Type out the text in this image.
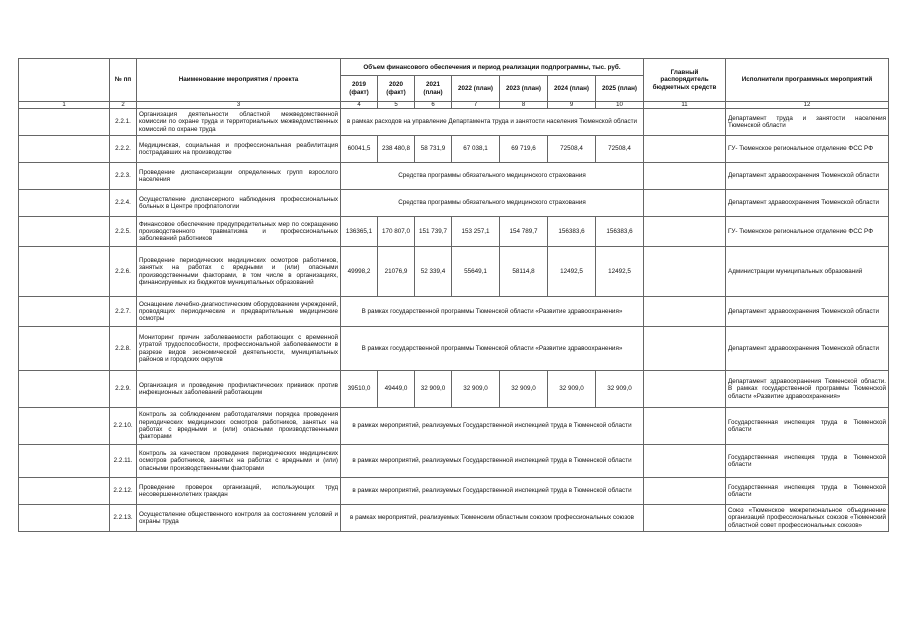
	№ пп	Наименование мероприятия / проекта	Объем финансового обеспечения и период реализации подпрограммы, тыс. руб.							Главный распорядитель бюджетных средств	Исполнители программных мероприятий
			2019 (факт)	2020 (факт)	2021 (план)	2022 (план)	2023 (план)	2024 (план)	2025 (план)		
1	2	3	4	5	6	7	8	9	10	11	12
	2.2.1.	Организация деятельности областной межведомственной комиссии по охране труда и территориальных межведомственных комиссий по охране труда	в рамках расходов на управление Департамента труда и занятости населения Тюменской области								Департамент труда и занятости населения Тюменской области
	2.2.2.	Медицинская, социальная и профессиональная реабилитация пострадавших на производстве	60041,5	238 480,8	58 731,9	67 038,1	69 719,6	72508,4	72508,4		ГУ- Тюменское региональное отделение ФСС РФ
	2.2.3.	Проведение диспансеризации определенных групп взрослого населения	Средства программы обязательного медицинского страхования								Департамент здравоохранения Тюменской области
	2.2.4.	Осуществление диспансерного наблюдения профессиональных больных в Центре профпатологии	Средства программы обязательного медицинского страхования								Департамент здравоохранения Тюменской области
	2.2.5.	Финансовое обеспечение предупредительных мер по сокращению производственного травматизма и профессиональных заболеваний работников	136365,1	170 807,0	151 739,7	153 257,1	154 789,7	156383,6	156383,6		ГУ- Тюменское региональное отделение ФСС РФ
	2.2.6.	Проведение периодических медицинских осмотров работников, занятых на работах с вредными и (или) опасными производственными факторами, в том числе в организациях, финансируемых из бюджетов муниципальных образований	49998,2	21076,9	52 339,4	55649,1	58114,8	12492,5	12492,5		Администрации муниципальных образований
	2.2.7.	Оснащение лечебно-диагностическим оборудованием учреждений, проводящих периодические и предварительные медицинские осмотры	В рамках государственной программы Тюменской области «Развитие здравоохранения»								Департамент здравоохранения Тюменской области
	2.2.8.	Мониторинг причин заболеваемости работающих с временной утратой трудоспособности, профессиональной заболеваемости в разрезе видов экономической деятельности, муниципальных районов и городских округов	В рамках государственной программы Тюменской области «Развитие здравоохранения»								Департамент здравоохранения Тюменской области
	2.2.9.	Организация и проведение профилактических прививок против инфекционных заболеваний работающим	39510,0	49449,0	32 909,0	32 909,0	32 909,0	32 909,0	32 909,0		Департамент здравоохранения Тюменской области. В рамках государственной программы Тюменской области «Развитие здравоохранения»
	2.2.10.	Контроль за соблюдением работодателями порядка проведения периодических медицинских осмотров работников, занятых на работах с вредными и (или) опасными производственными факторами	в рамках мероприятий, реализуемых Государственной инспекцией труда в Тюменской области								Государственная инспекция труда в Тюменской области
	2.2.11.	Контроль за качеством проведения периодических медицинских осмотров работников, занятых на работах с вредными и (или) опасными производственными факторами	в рамках мероприятий, реализуемых Государственной инспекцией труда в Тюменской области								Государственная инспекция труда в Тюменской области
	2.2.12.	Проведение проверок организаций, использующих труд несовершеннолетних граждан	в рамках мероприятий, реализуемых Государственной инспекцией труда в Тюменской области								Государственная инспекция труда в Тюменской области
	2.2.13.	Осуществление общественного контроля за состоянием условий и охраны труда	в рамках мероприятий, реализуемых Тюменским областным союзом профессиональных союзов								Союз «Тюменское межрегиональное объединение организаций профессиональных союзов «Тюменский областной совет профессиональных союзов»
